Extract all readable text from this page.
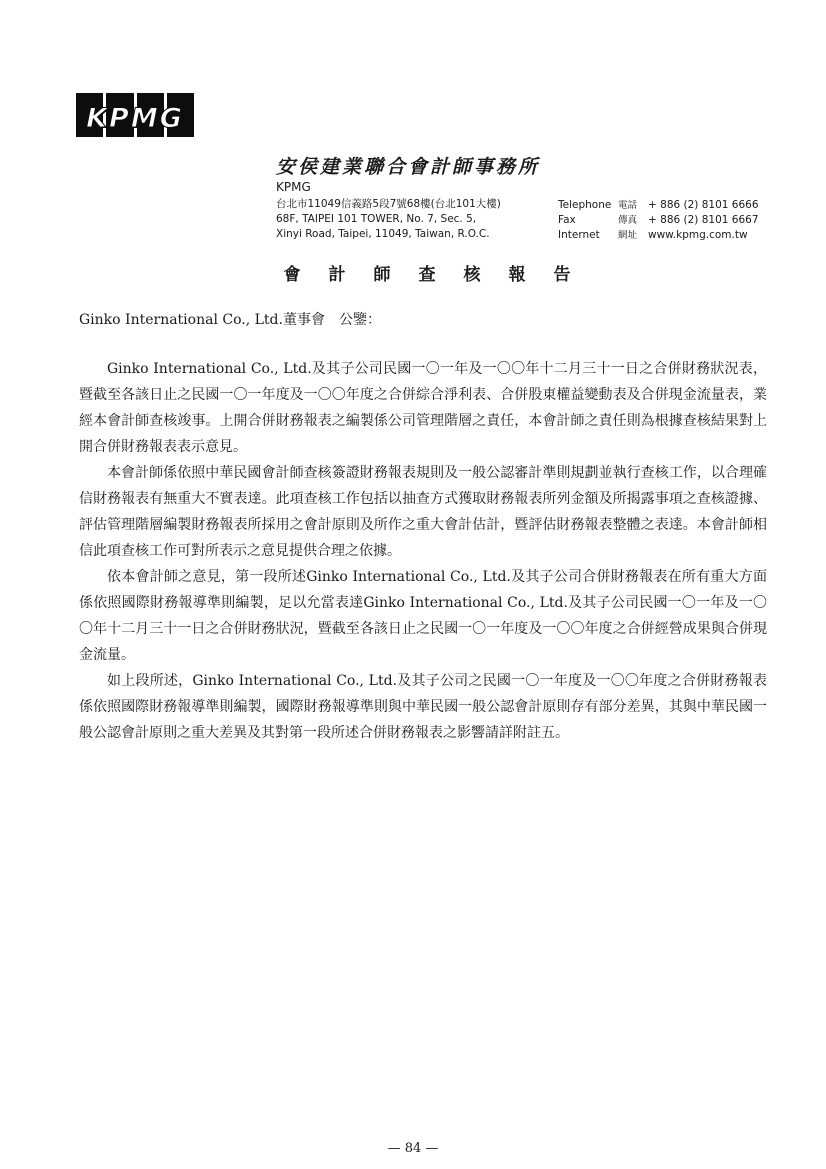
KPMG
安侯建業聯合會計師事務所
KPMG
台北市11049信義路5段7號68樓(台北101大樓)
68F, TAIPEI 101 TOWER, No. 7, Sec. 5,
Xinyi Road, Taipei, 11049, Taiwan, R.O.C.
Telephone 電話	+ 886 (2) 8101 6666
Fax	傳真	+ 886 (2) 8101 6667
Internet	網址	www.kpmg.com.tw
會計師查核報告
Ginko International Co., Ltd.董事會　公鑒：

Ginko International Co., Ltd.及其子公司民國一〇一年及一〇〇年十二月三十一日之合併財務狀況表，暨截至各該日止之民國一〇一年度及一〇〇年度之合併綜合淨利表、合併股東權益變動表及合併現金流量表，業經本會計師查核竣事。上開合併財務報表之編製係公司管理階層之責任，本會計師之責任則為根據查核結果對上開合併財務報表表示意見。

本會計師係依照中華民國會計師查核簽證財務報表規則及一般公認審計準則規劃並執行查核工作，以合理確信財務報表有無重大不實表達。此項查核工作包括以抽查方式獲取財務報表所列金額及所揭露事項之查核證據、評估管理階層編製財務報表所採用之會計原則及所作之重大會計估計，暨評估財務報表整體之表達。本會計師相信此項查核工作可對所表示之意見提供合理之依據。

依本會計師之意見，第一段所述Ginko International Co., Ltd.及其子公司合併財務報表在所有重大方面係依照國際財務報導準則編製，足以允當表達Ginko International Co., Ltd.及其子公司民國一〇一年及一〇〇年十二月三十一日之合併財務狀況，暨截至各該日止之民國一〇一年度及一〇〇年度之合併經營成果與合併現金流量。

如上段所述，Ginko International Co., Ltd.及其子公司之民國一〇一年度及一〇〇年度之合併財務報表係依照國際財務報導準則編製，國際財務報導準則與中華民國一般公認會計原則存有部分差異，其與中華民國一般公認會計原則之重大差異及其對第一段所述合併財務報表之影響請詳附註五。

— 84 —
